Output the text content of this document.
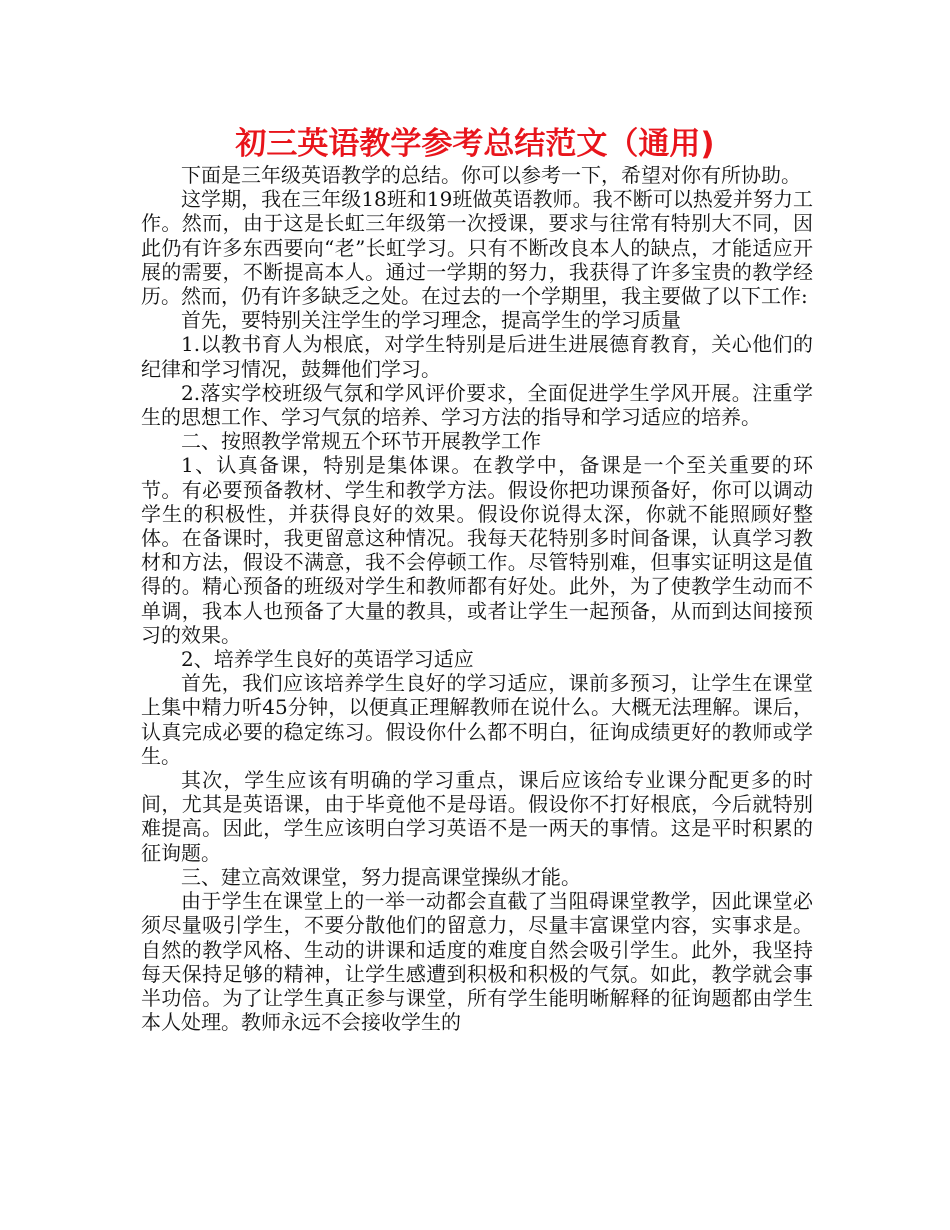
初三英语教学参考总结范文（通用)

下面是三年级英语教学的总结。你可以参考一下，希望对你有所协助。

这学期，我在三年级18班和19班做英语教师。我不断可以热爱并努力工作。然而，由于这是长虹三年级第一次授课，要求与往常有特别大不同，因此仍有许多东西要向“老”长虹学习。只有不断改良本人的缺点，才能适应开展的需要，不断提高本人。通过一学期的努力，我获得了许多宝贵的教学经历。然而，仍有许多缺乏之处。在过去的一个学期里，我主要做了以下工作:

首先，要特别关注学生的学习理念，提高学生的学习质量

1.以教书育人为根底，对学生特别是后进生进展德育教育，关心他们的纪律和学习情况，鼓舞他们学习。

2.落实学校班级气氛和学风评价要求，全面促进学生学风开展。注重学生的思想工作、学习气氛的培养、学习方法的指导和学习适应的培养。

二、按照教学常规五个环节开展教学工作

1、认真备课，特别是集体课。在教学中，备课是一个至关重要的环节。有必要预备教材、学生和教学方法。假设你把功课预备好，你可以调动学生的积极性，并获得良好的效果。假设你说得太深，你就不能照顾好整体。在备课时，我更留意这种情况。我每天花特别多时间备课，认真学习教材和方法，假设不满意，我不会停顿工作。尽管特别难，但事实证明这是值得的。精心预备的班级对学生和教师都有好处。此外，为了使教学生动而不单调，我本人也预备了大量的教具，或者让学生一起预备，从而到达间接预习的效果。

2、培养学生良好的英语学习适应

首先，我们应该培养学生良好的学习适应，课前多预习，让学生在课堂上集中精力听45分钟，以便真正理解教师在说什么。大概无法理解。课后，认真完成必要的稳定练习。假设你什么都不明白，征询成绩更好的教师或学生。

其次，学生应该有明确的学习重点，课后应该给专业课分配更多的时间，尤其是英语课，由于毕竟他不是母语。假设你不打好根底，今后就特别难提高。因此，学生应该明白学习英语不是一两天的事情。这是平时积累的征询题。

三、建立高效课堂，努力提高课堂操纵才能。

由于学生在课堂上的一举一动都会直截了当阻碍课堂教学，因此课堂必须尽量吸引学生，不要分散他们的留意力，尽量丰富课堂内容，实事求是。自然的教学风格、生动的讲课和适度的难度自然会吸引学生。此外，我坚持每天保持足够的精神，让学生感遭到积极和积极的气氛。如此，教学就会事半功倍。为了让学生真正参与课堂，所有学生能明晰解释的征询题都由学生本人处理。教师永远不会接收学生的
